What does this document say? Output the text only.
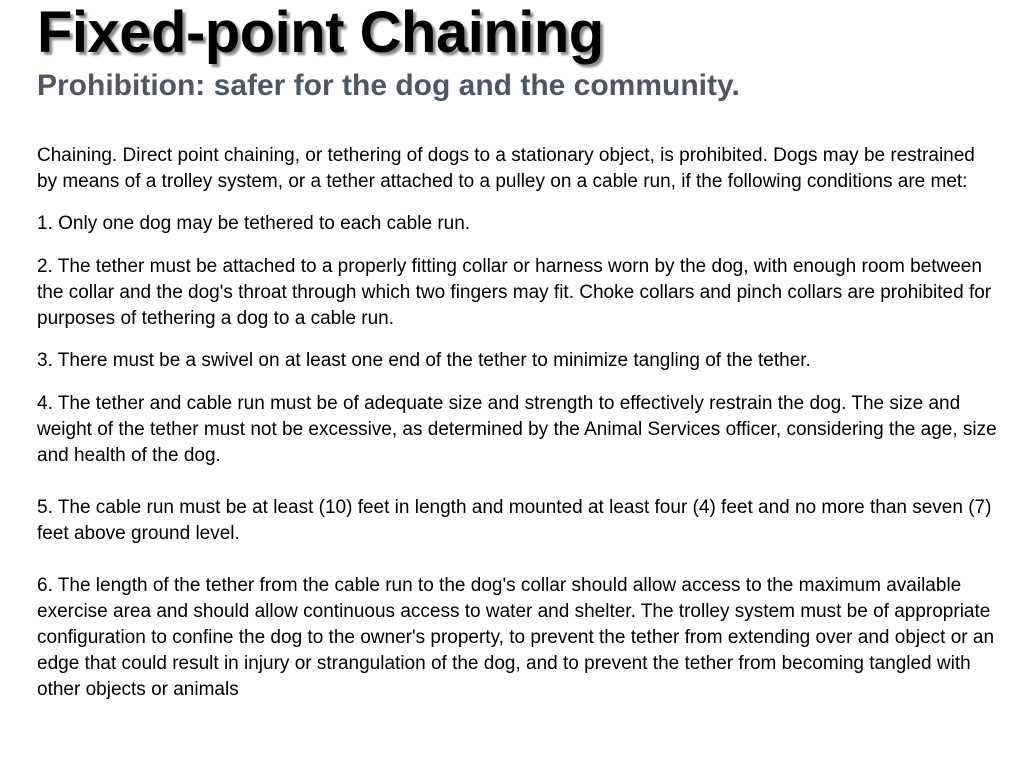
Fixed-point Chaining
Prohibition: safer for the dog and the community.

Chaining. Direct point chaining, or tethering of dogs to a stationary object, is prohibited. Dogs may be restrained by means of a trolley system, or a tether attached to a pulley on a cable run, if the following conditions are met:

1. Only one dog may be tethered to each cable run.

2. The tether must be attached to a properly fitting collar or harness worn by the dog, with enough room between the collar and the dog's throat through which two fingers may fit. Choke collars and pinch collars are prohibited for purposes of tethering a dog to a cable run.

3. There must be a swivel on at least one end of the tether to minimize tangling of the tether.

4. The tether and cable run must be of adequate size and strength to effectively restrain the dog. The size and weight of the tether must not be excessive, as determined by the Animal Services officer, considering the age, size and health of the dog.

5. The cable run must be at least (10) feet in length and mounted at least four (4) feet and no more than seven (7) feet above ground level.

6. The length of the tether from the cable run to the dog's collar should allow access to the maximum available exercise area and should allow continuous access to water and shelter. The trolley system must be of appropriate configuration to confine the dog to the owner's property, to prevent the tether from extending over and object or an edge that could result in injury or strangulation of the dog, and to prevent the tether from becoming tangled with other objects or animals
